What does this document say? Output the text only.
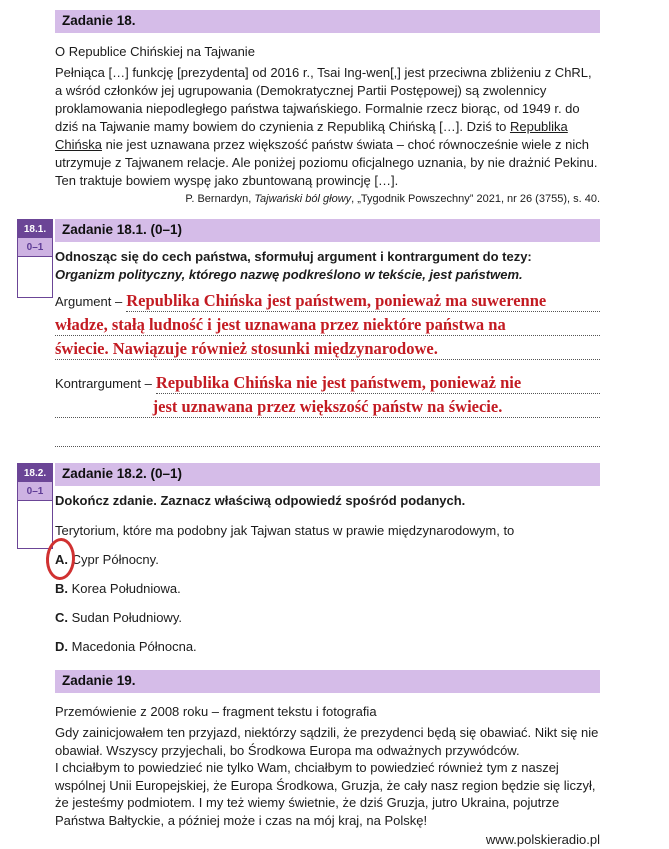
Zadanie 18.

O Republice Chińskiej na Tajwanie

Pełniąca […] funkcję [prezydenta] od 2016 r., Tsai Ing-wen[,] jest przeciwna zbliżeniu z ChRL, a wśród członków jej ugrupowania (Demokratycznej Partii Postępowej) są zwolennicy proklamowania niepodległego państwa tajwańskiego. Formalnie rzecz biorąc, od 1949 r. do dziś na Tajwanie mamy bowiem do czynienia z Republiką Chińską […]. Dziś to Republika Chińska nie jest uznawana przez większość państw świata – choć równocześnie wiele z nich utrzymuje z Tajwanem relacje. Ale poniżej poziomu oficjalnego uznania, by nie drażnić Pekinu. Ten traktuje bowiem wyspę jako zbuntowaną prowincję […].

P. Bernardyn, Tajwański ból głowy, „Tygodnik Powszechny” 2021, nr 26 (3755), s. 40.

18.1.
0–1
Zadanie 18.1. (0–1)

Odnosząc się do cech państwa, sformułuj argument i kontrargument do tezy:

Organizm polityczny, którego nazwę podkreślono w tekście, jest państwem.

Argument – Republika Chińska jest państwem, ponieważ ma suwerenne
władze, stałą ludność i jest uznawana przez niektóre państwa na
świecie. Nawiązuje również stosunki międzynarodowe.
Kontrargument – Republika Chińska nie jest państwem, ponieważ nie
jest uznawana przez większość państw na świecie.
18.2.
0–1
Zadanie 18.2. (0–1)

Dokończ zdanie. Zaznacz właściwą odpowiedź spośród podanych.

Terytorium, które ma podobny jak Tajwan status w prawie międzynarodowym, to

A. Cypr Północny.
B. Korea Południowa.
C. Sudan Południowy.
D. Macedonia Północna.
Zadanie 19.

Przemówienie z 2008 roku – fragment tekstu i fotografia

Gdy zainicjowałem ten przyjazd, niektórzy sądzili, że prezydenci będą się obawiać. Nikt się nie obawiał. Wszyscy przyjechali, bo Środkowa Europa ma odważnych przywódców.

I chciałbym to powiedzieć nie tylko Wam, chciałbym to powiedzieć również tym z naszej wspólnej Unii Europejskiej, że Europa Środkowa, Gruzja, że cały nasz region będzie się liczył, że jesteśmy podmiotem. I my też wiemy świetnie, że dziś Gruzja, jutro Ukraina, pojutrze Państwa Bałtyckie, a później może i czas na mój kraj, na Polskę!

www.polskieradio.pl
